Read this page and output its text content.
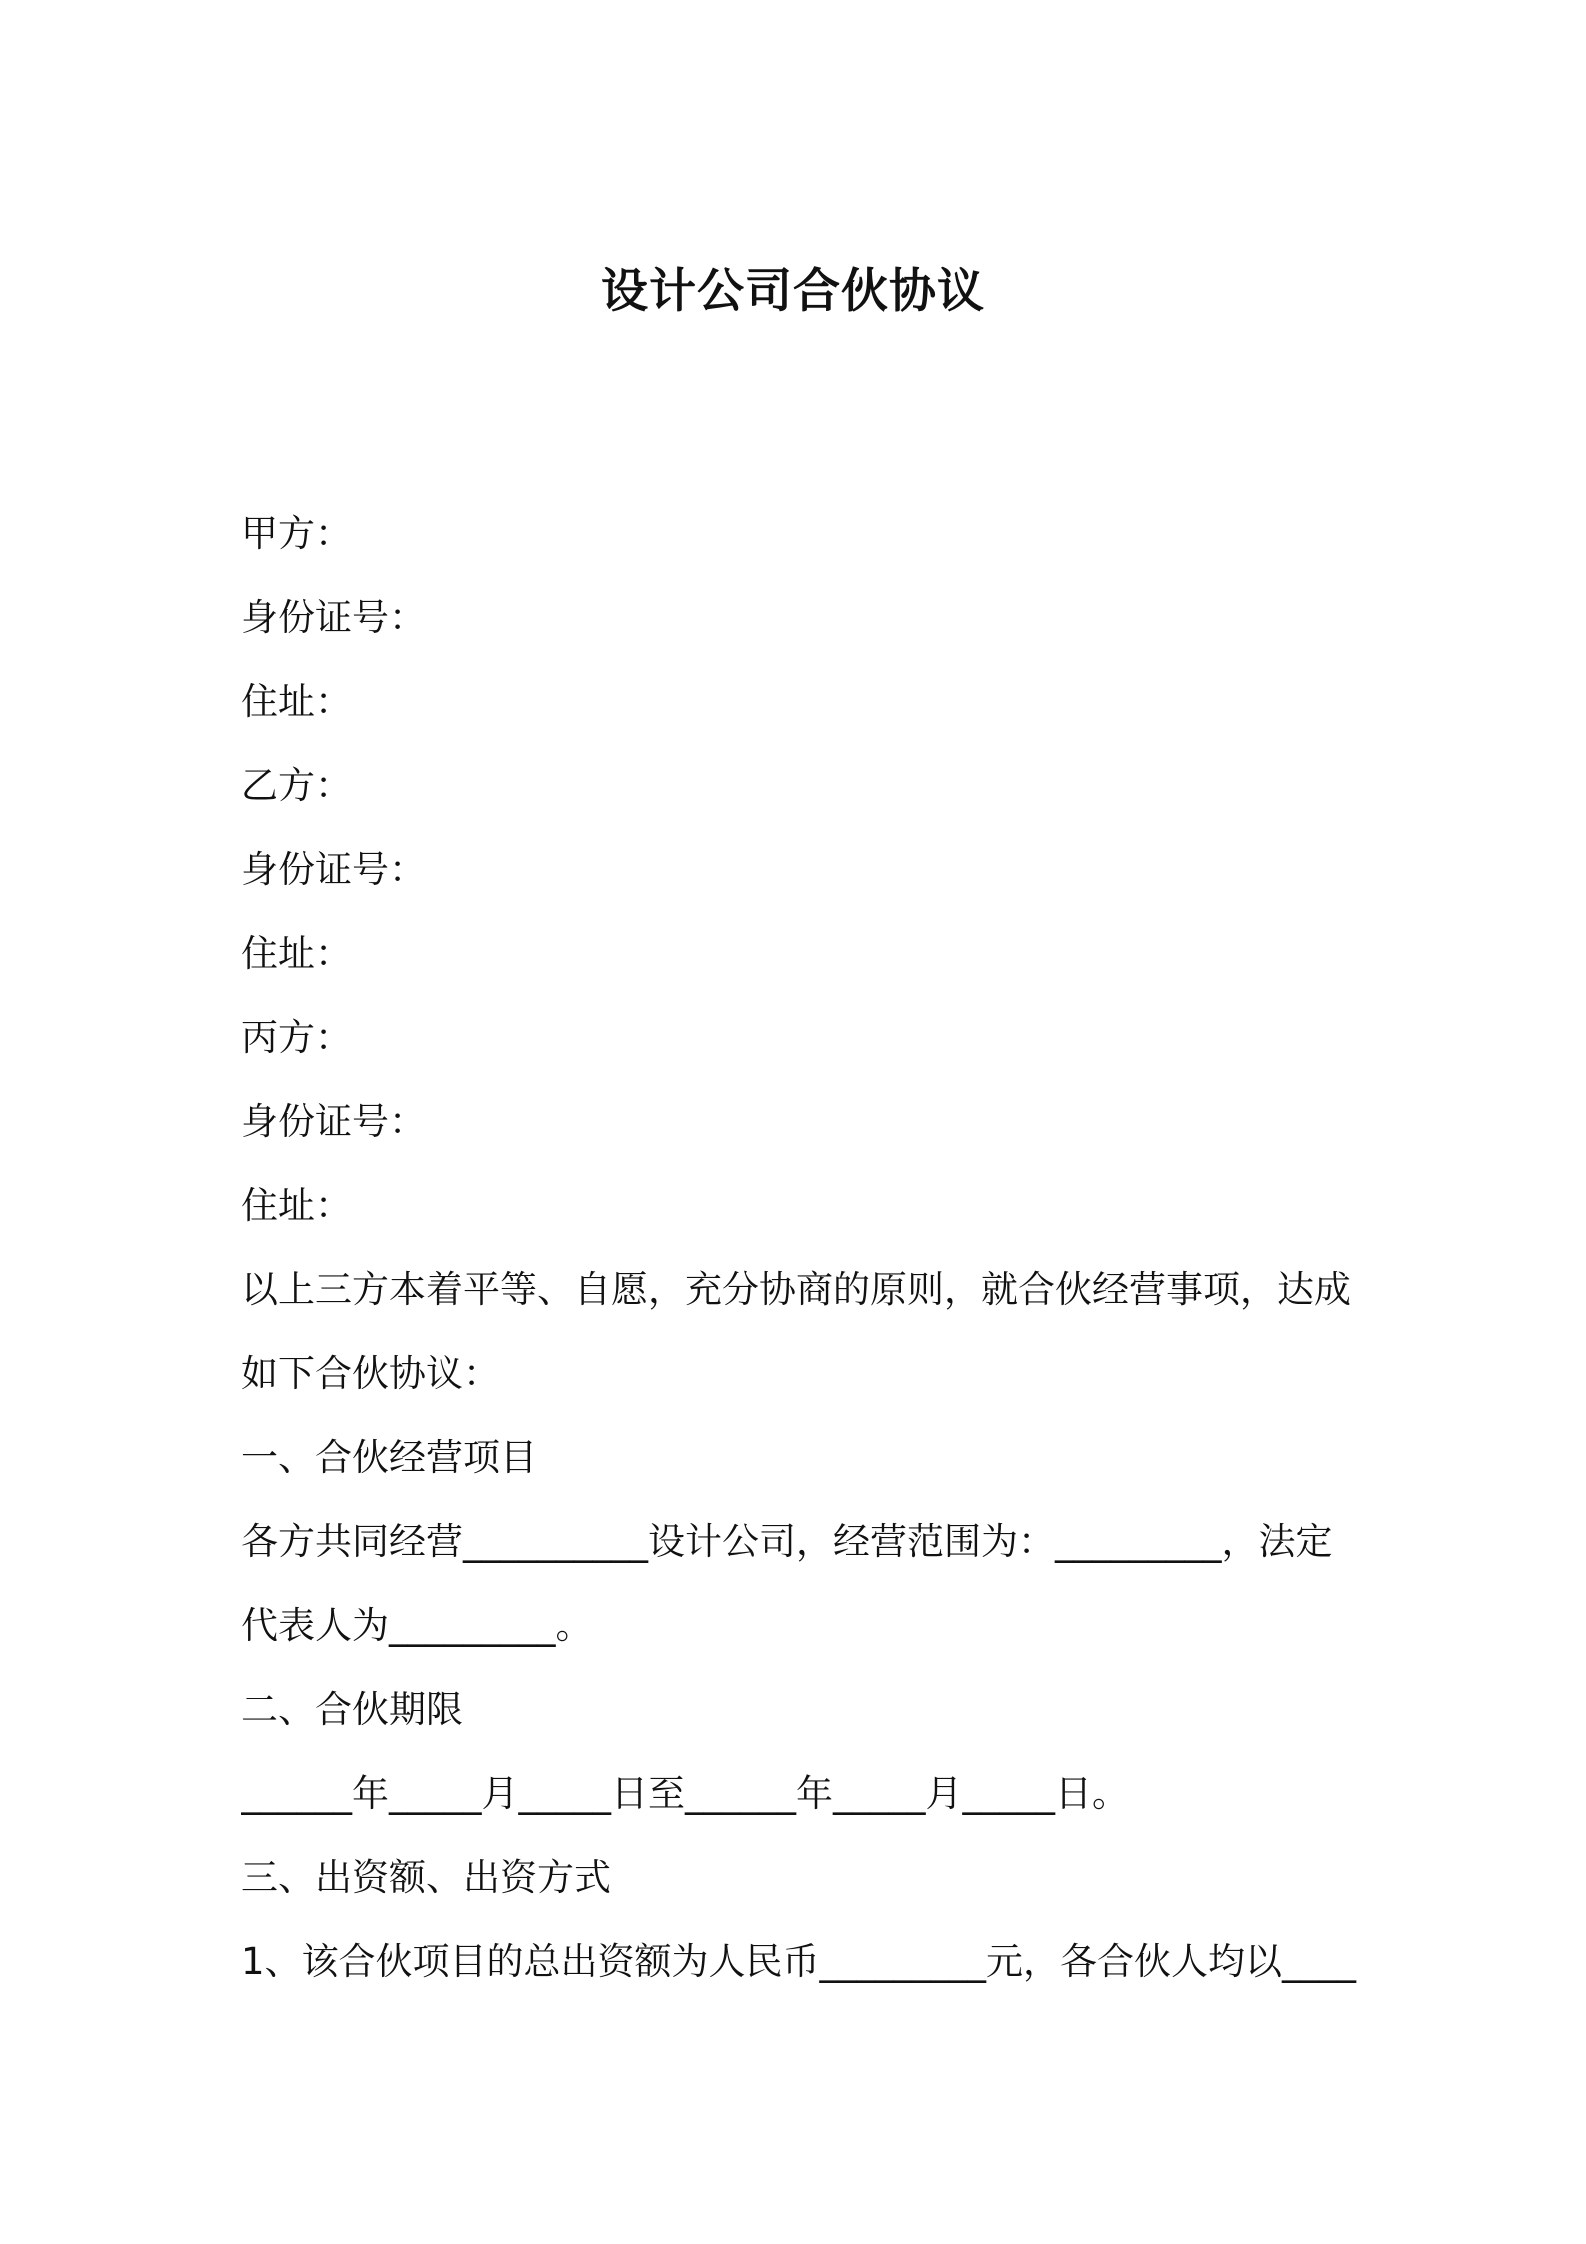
设计公司合伙协议
甲方：
身份证号：
住址：
乙方：
身份证号：
住址：
丙方：
身份证号：
住址：
以上三方本着平等、自愿，充分协商的原则，就合伙经营事项，达成
如下合伙协议：
一、合伙经营项目
各方共同经营__________设计公司，经营范围为：_________，法定
代表人为_________。
二、合伙期限
______年_____月_____日至______年_____月_____日。
三、出资额、出资方式
1、该合伙项目的总出资额为人民币_________元，各合伙人均以____
